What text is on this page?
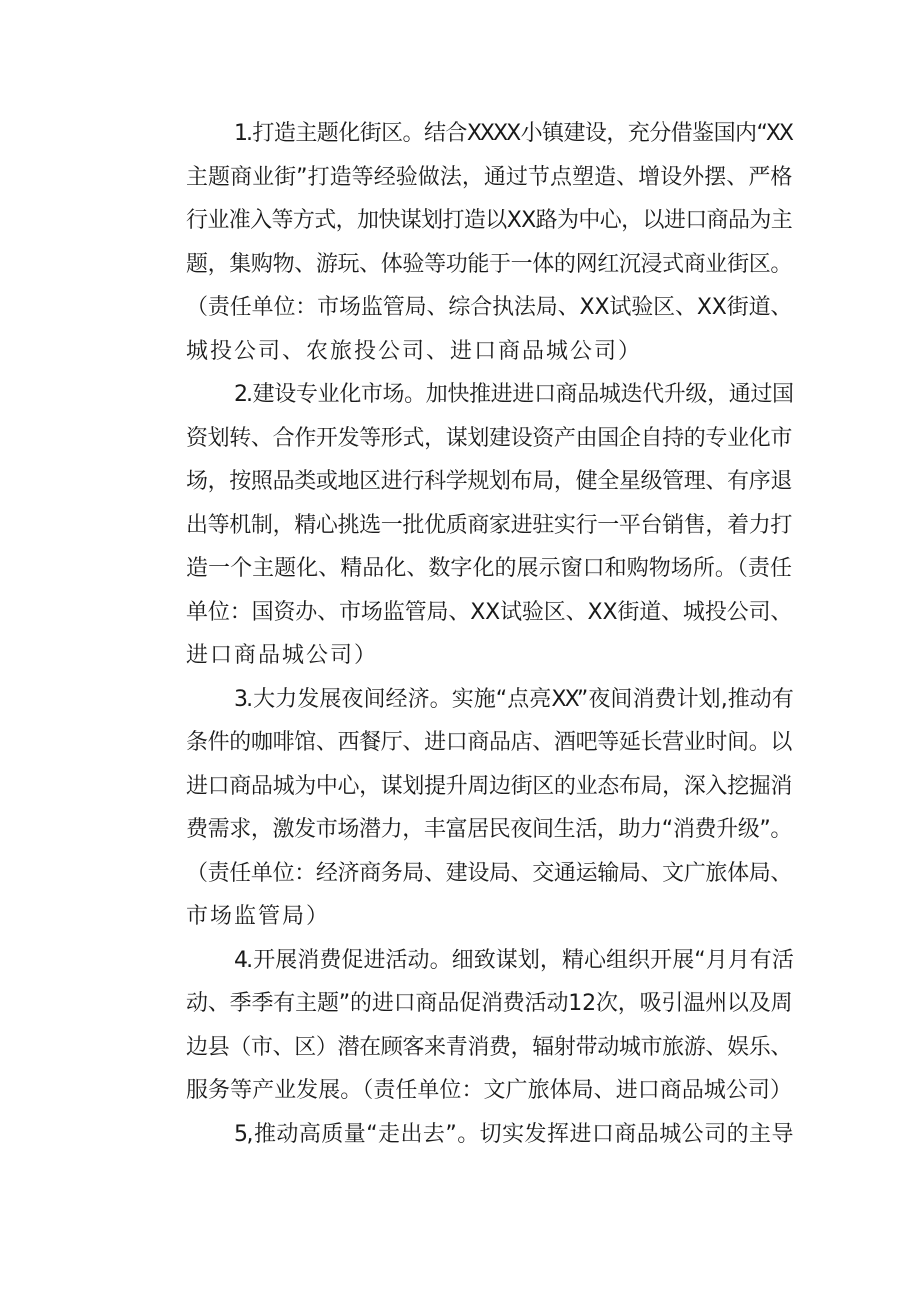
1.打造主题化街区。结合XXXX小镇建设，充分借鉴国内“XX
主题商业街”打造等经验做法，通过节点塑造、增设外摆、严格
行业准入等方式，加快谋划打造以XX路为中心，以进口商品为主
题，集购物、游玩、体验等功能于一体的网红沉浸式商业街区。
（责任单位：市场监管局、综合执法局、XX试验区、XX街道、
城投公司、农旅投公司、进口商品城公司）

2.建设专业化市场。加快推进进口商品城迭代升级，通过国
资划转、合作开发等形式，谋划建设资产由国企自持的专业化市
场，按照品类或地区进行科学规划布局，健全星级管理、有序退
出等机制，精心挑选一批优质商家进驻实行一平台销售，着力打
造一个主题化、精品化、数字化的展示窗口和购物场所。（责任
单位：国资办、市场监管局、XX试验区、XX街道、城投公司、
进口商品城公司）

3.大力发展夜间经济。实施“点亮XX”夜间消费计划,推动有
条件的咖啡馆、西餐厅、进口商品店、酒吧等延长营业时间。以
进口商品城为中心，谋划提升周边街区的业态布局，深入挖掘消
费需求，激发市场潜力，丰富居民夜间生活，助力“消费升级”。
（责任单位：经济商务局、建设局、交通运输局、文广旅体局、
市场监管局）

4.开展消费促进活动。细致谋划，精心组织开展“月月有活
动、季季有主题”的进口商品促消费活动12次，吸引温州以及周
边县（市、区）潜在顾客来青消费，辐射带动城市旅游、娱乐、
服务等产业发展。（责任单位：文广旅体局、进口商品城公司）

5,推动高质量“走出去”。切实发挥进口商品城公司的主导
